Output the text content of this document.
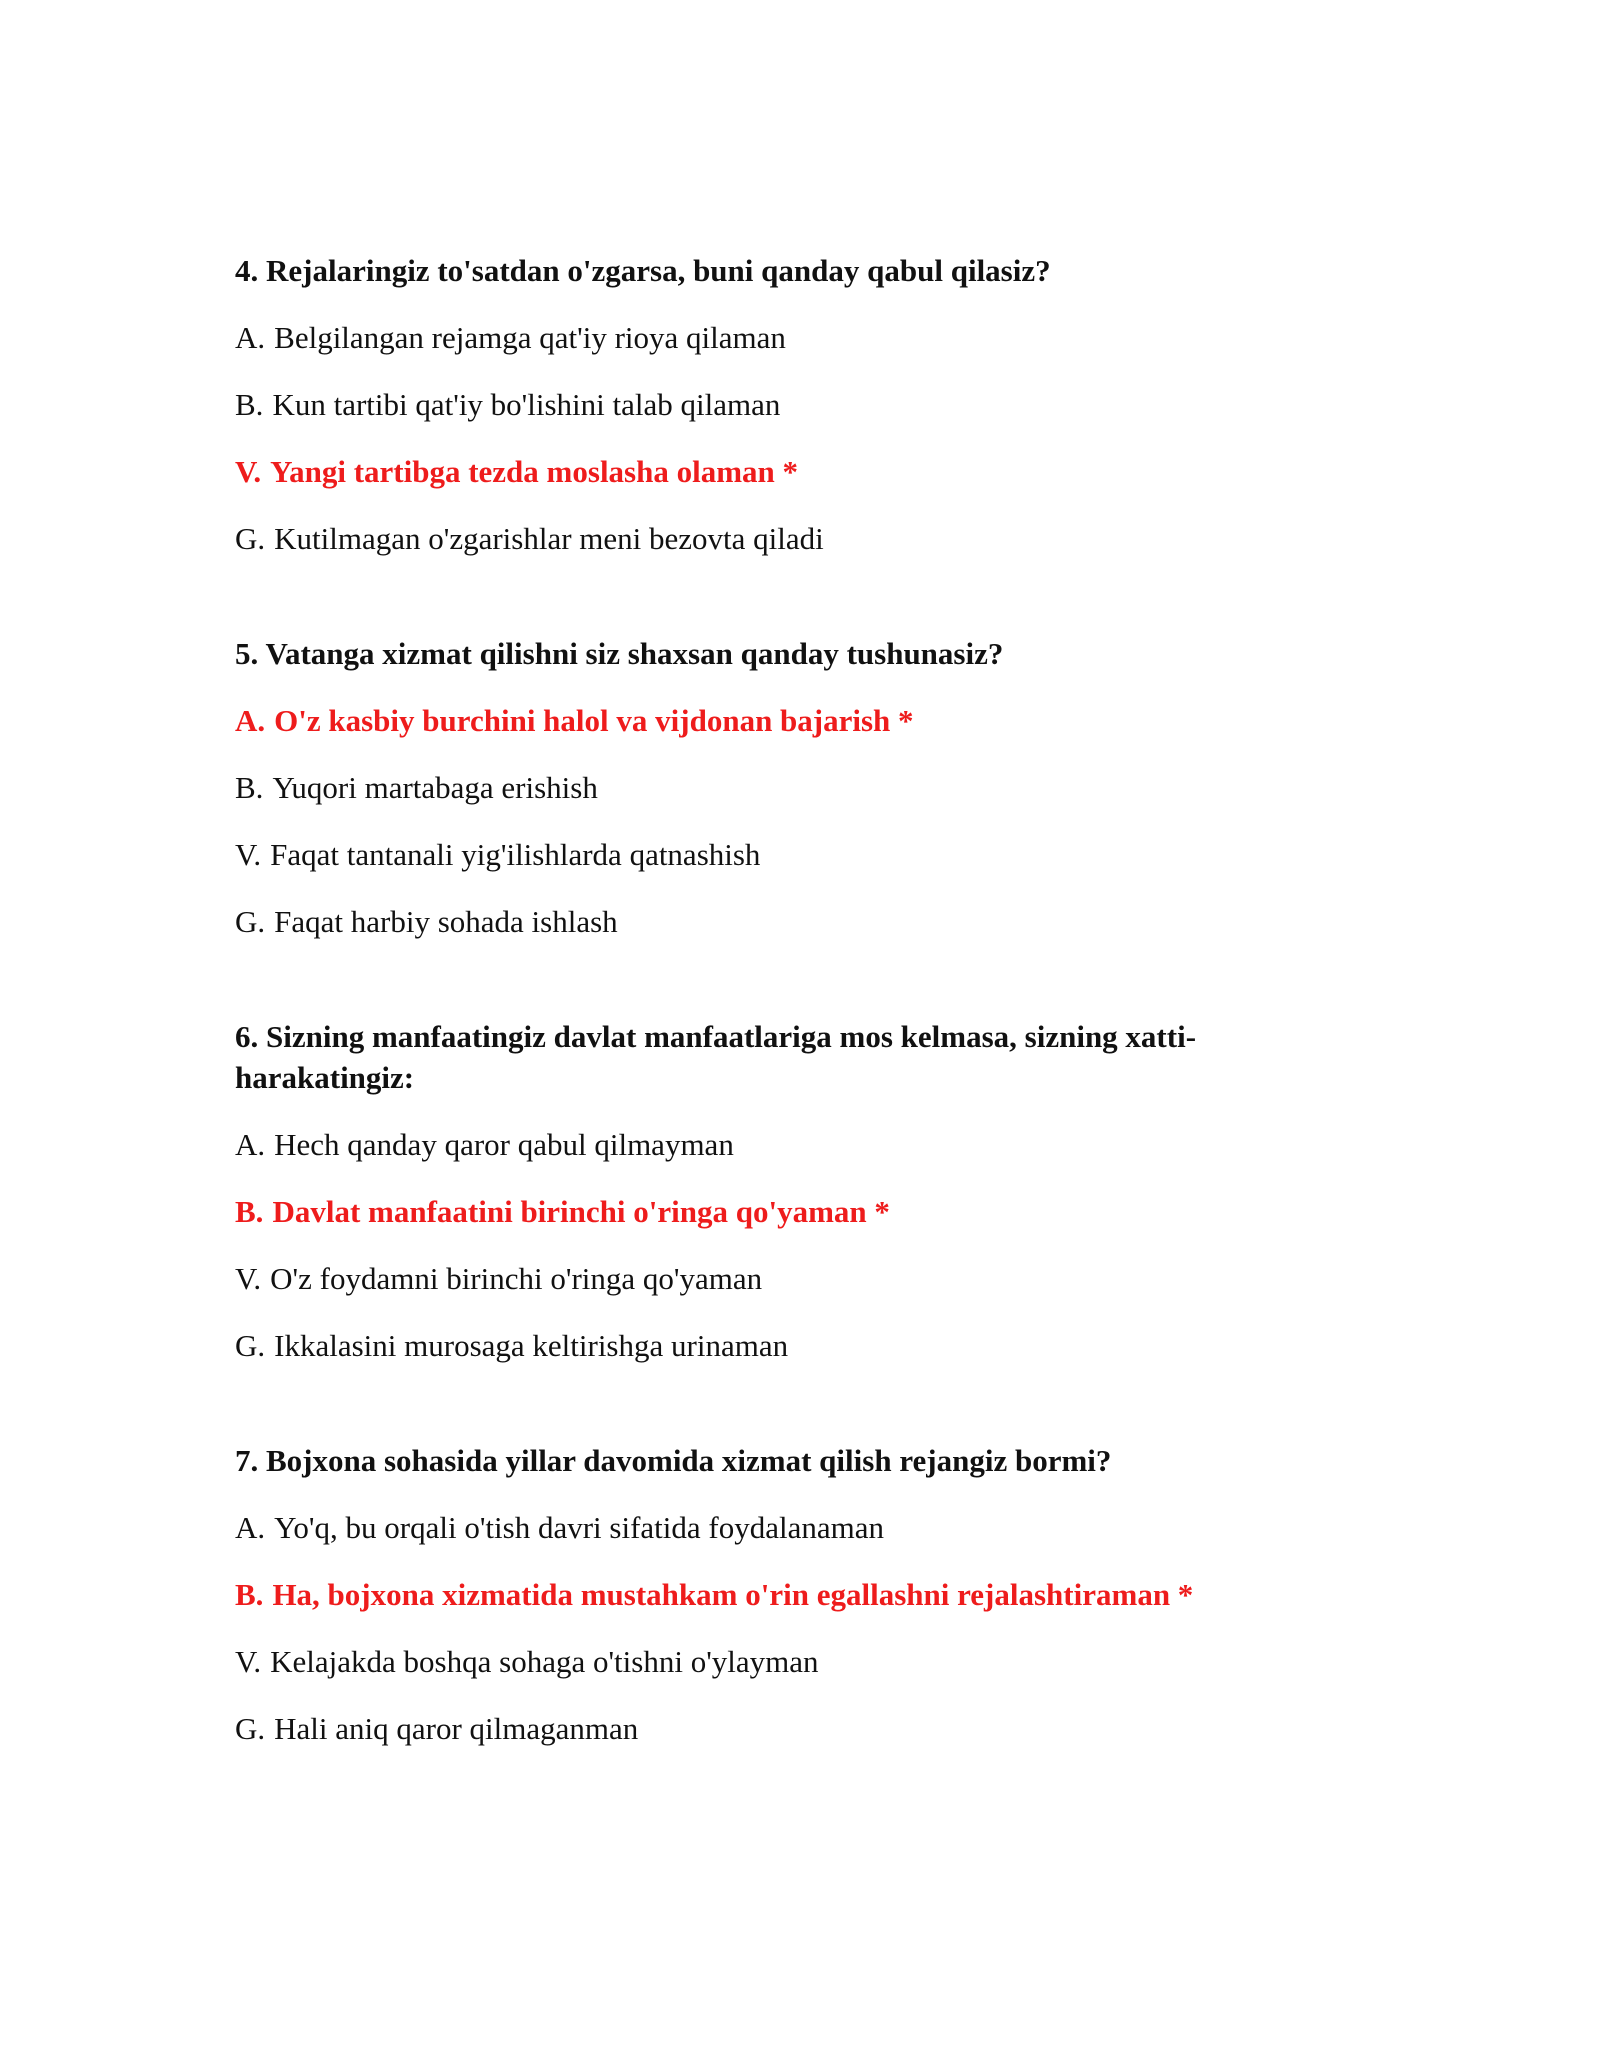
4. Rejalaringiz to'satdan o'zgarsa, buni qanday qabul qilasiz?
A. Belgilangan rejamga qat'iy rioya qilaman
B. Kun tartibi qat'iy bo'lishini talab qilaman
V. Yangi tartibga tezda moslasha olaman *
G. Kutilmagan o'zgarishlar meni bezovta qiladi
5. Vatanga xizmat qilishni siz shaxsan qanday tushunasiz?
A. O'z kasbiy burchini halol va vijdonan bajarish *
B. Yuqori martabaga erishish
V. Faqat tantanali yig'ilishlarda qatnashish
G. Faqat harbiy sohada ishlash
6. Sizning manfaatingiz davlat manfaatlariga mos kelmasa, sizning xatti-harakatingiz:
A. Hech qanday qaror qabul qilmayman
B. Davlat manfaatini birinchi o'ringa qo'yaman *
V. O'z foydamni birinchi o'ringa qo'yaman
G. Ikkalasini murosaga keltirishga urinaman
7. Bojxona sohasida yillar davomida xizmat qilish rejangiz bormi?
A. Yo'q, bu orqali o'tish davri sifatida foydalanaman
B. Ha, bojxona xizmatida mustahkam o'rin egallashni rejalashtiraman *
V. Kelajakda boshqa sohaga o'tishni o'ylayman
G. Hali aniq qaror qilmaganman
